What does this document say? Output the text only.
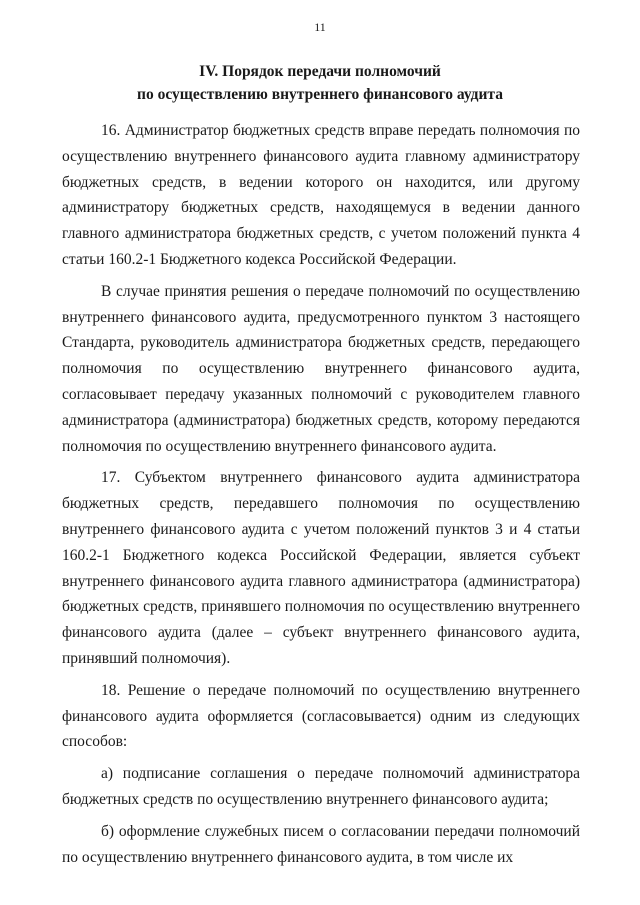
11
IV. Порядок передачи полномочий
по осуществлению внутреннего финансового аудита

16. Администратор бюджетных средств вправе передать полномочия по осуществлению внутреннего финансового аудита главному администратору бюджетных средств, в ведении которого он находится, или другому администратору бюджетных средств, находящемуся в ведении данного главного администратора бюджетных средств, с учетом положений пункта 4 статьи 160.2-1 Бюджетного кодекса Российской Федерации.

В случае принятия решения о передаче полномочий по осуществлению внутреннего финансового аудита, предусмотренного пунктом 3 настоящего Стандарта, руководитель администратора бюджетных средств, передающего полномочия по осуществлению внутреннего финансового аудита, согласовывает передачу указанных полномочий с руководителем главного администратора (администратора) бюджетных средств, которому передаются полномочия по осуществлению внутреннего финансового аудита.

17. Субъектом внутреннего финансового аудита администратора бюджетных средств, передавшего полномочия по осуществлению внутреннего финансового аудита с учетом положений пунктов 3 и 4 статьи 160.2-1 Бюджетного кодекса Российской Федерации, является субъект внутреннего финансового аудита главного администратора (администратора) бюджетных средств, принявшего полномочия по осуществлению внутреннего финансового аудита (далее – субъект внутреннего финансового аудита, принявший полномочия).

18. Решение о передаче полномочий по осуществлению внутреннего финансового аудита оформляется (согласовывается) одним из следующих способов:

а) подписание соглашения о передаче полномочий администратора бюджетных средств по осуществлению внутреннего финансового аудита;

б) оформление служебных писем о согласовании передачи полномочий по осуществлению внутреннего финансового аудита, в том числе их
